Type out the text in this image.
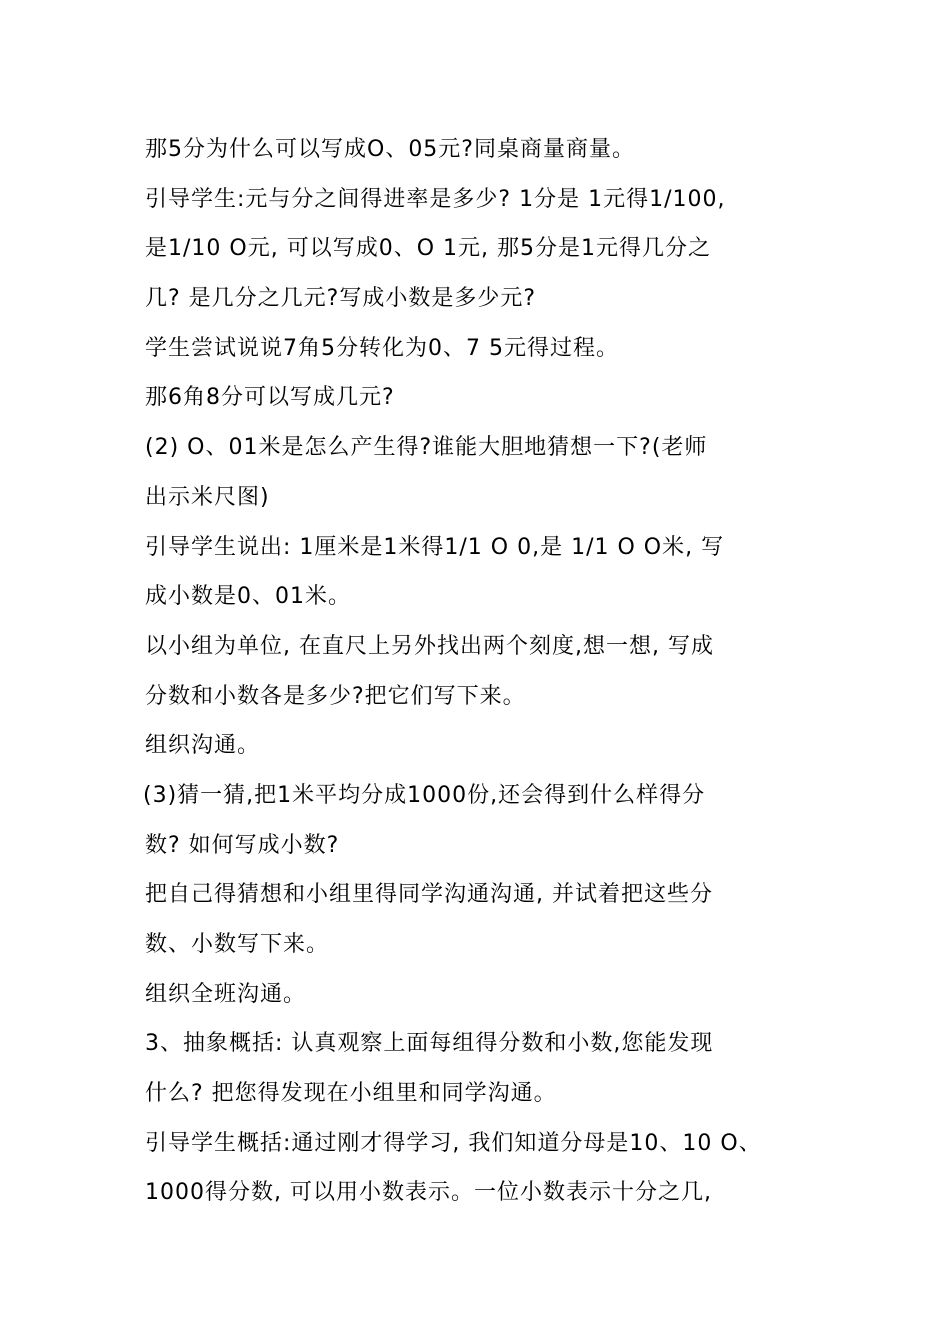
那5分为什么可以写成O、05元?同桌商量商量。
引导学生:元与分之间得进率是多少? 1分是 1元得1/100,
是1/10 O元, 可以写成0、O 1元, 那5分是1元得几分之
几? 是几分之几元?写成小数是多少元?
学生尝试说说7角5分转化为0、7 5元得过程。
那6角8分可以写成几元?
(2) O、01米是怎么产生得?谁能大胆地猜想一下?(老师
出示米尺图)
引导学生说出: 1厘米是1米得1/1 O 0,是 1/1 O O米, 写
成小数是0、01米。
以小组为单位, 在直尺上另外找出两个刻度,想一想, 写成
分数和小数各是多少?把它们写下来。
组织沟通。
(3)猜一猜,把1米平均分成1000份,还会得到什么样得分
数? 如何写成小数?
把自己得猜想和小组里得同学沟通沟通, 并试着把这些分
数、小数写下来。
组织全班沟通。
3、抽象概括: 认真观察上面每组得分数和小数,您能发现
什么? 把您得发现在小组里和同学沟通。
引导学生概括:通过刚才得学习, 我们知道分母是10、10 O、
1000得分数, 可以用小数表示。一位小数表示十分之几,
